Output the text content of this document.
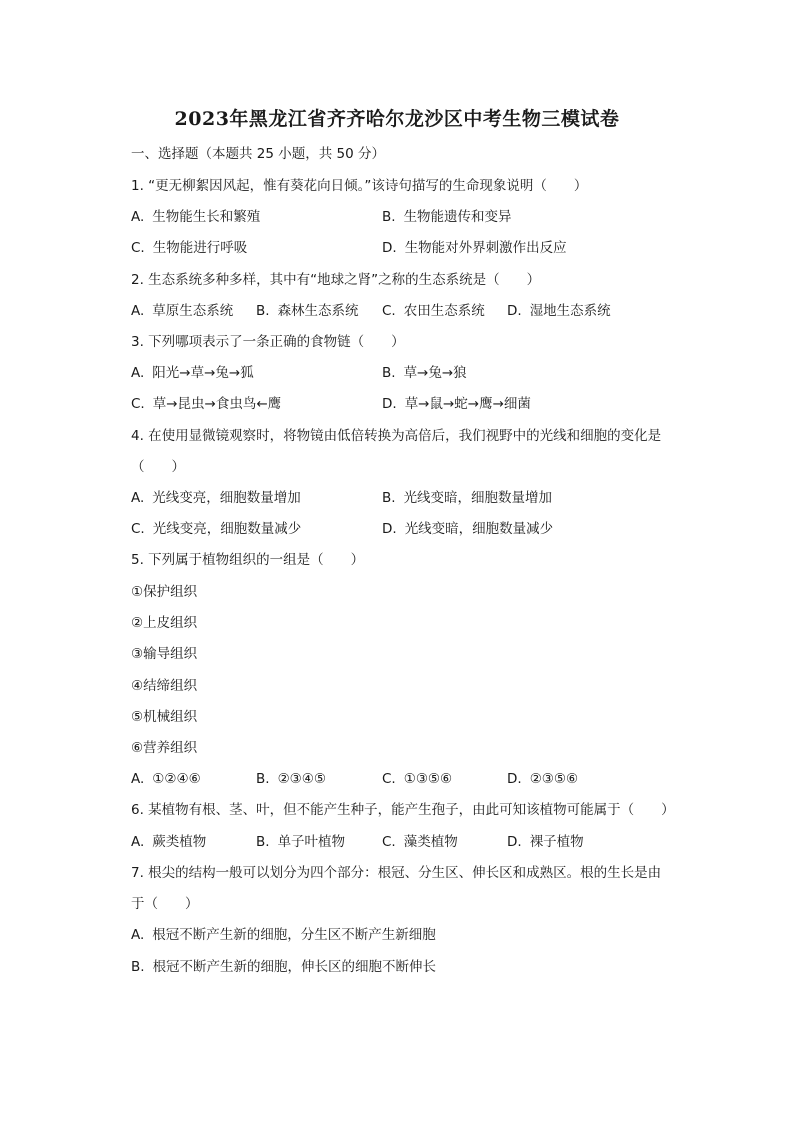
2023年黑龙江省齐齐哈尔龙沙区中考生物三模试卷
一、选择题（本题共 25 小题，共 50 分）
1. “更无柳絮因风起，惟有葵花向日倾。”该诗句描写的生命现象说明（　　）
A. 生物能生长和繁殖	B. 生物能遗传和变异
C. 生物能进行呼吸	D. 生物能对外界刺激作出反应
2. 生态系统多种多样，其中有“地球之肾”之称的生态系统是（　　）
A. 草原生态系统 B. 森林生态系统 C. 农田生态系统 D. 湿地生态系统
3. 下列哪项表示了一条正确的食物链（　　）
A. 阳光→草→兔→狐	B. 草→兔→狼
C. 草→昆虫→食虫鸟←鹰	D. 草→鼠→蛇→鹰→细菌
4. 在使用显微镜观察时，将物镜由低倍转换为高倍后，我们视野中的光线和细胞的变化是
（　　）
A. 光线变亮，细胞数量增加	B. 光线变暗，细胞数量增加
C. 光线变亮，细胞数量减少	D. 光线变暗，细胞数量减少
5. 下列属于植物组织的一组是（　　）
①保护组织
②上皮组织
③输导组织
④结缔组织
⑤机械组织
⑥营养组织
A. ①②④⑥	B. ②③④⑤	C. ①③⑤⑥	D. ②③⑤⑥
6. 某植物有根、茎、叶，但不能产生种子，能产生孢子，由此可知该植物可能属于（　　）
A. 蕨类植物	B. 单子叶植物	C. 藻类植物	D. 裸子植物
7. 根尖的结构一般可以划分为四个部分：根冠、分生区、伸长区和成熟区。根的生长是由
于（　　）
A. 根冠不断产生新的细胞，分生区不断产生新细胞
B. 根冠不断产生新的细胞，伸长区的细胞不断伸长
